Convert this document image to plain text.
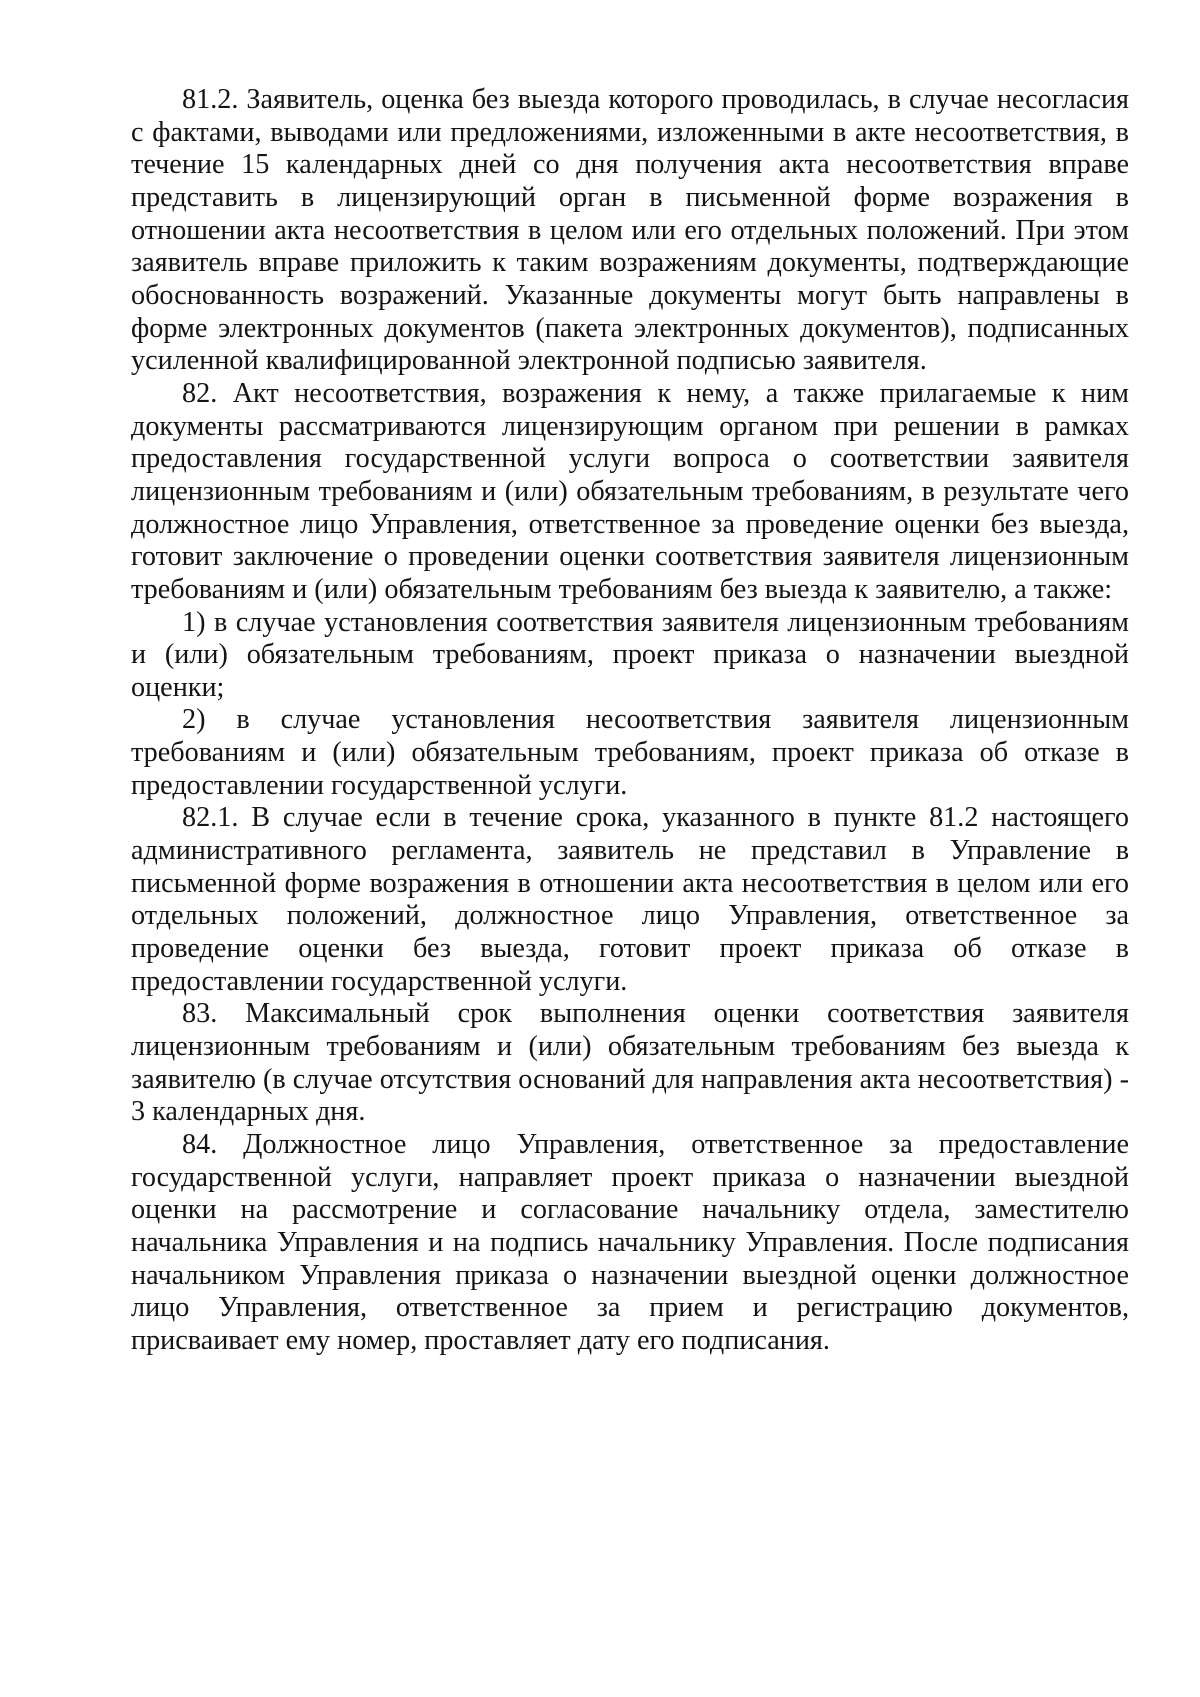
81.2. Заявитель, оценка без выезда которого проводилась, в случае несогласия с фактами, выводами или предложениями, изложенными в акте несоответствия, в течение 15 календарных дней со дня получения акта несоответствия вправе представить в лицензирующий орган в письменной форме возражения в отношении акта несоответствия в целом или его отдельных положений. При этом заявитель вправе приложить к таким возражениям документы, подтверждающие обоснованность возражений. Указанные документы могут быть направлены в форме электронных документов (пакета электронных документов), подписанных усиленной квалифицированной электронной подписью заявителя.

82. Акт несоответствия, возражения к нему, а также прилагаемые к ним документы рассматриваются лицензирующим органом при решении в рамках предоставления государственной услуги вопроса о соответствии заявителя лицензионным требованиям и (или) обязательным требованиям, в результате чего должностное лицо Управления, ответственное за проведение оценки без выезда, готовит заключение о проведении оценки соответствия заявителя лицензионным требованиям и (или) обязательным требованиям без выезда к заявителю, а также:

1) в случае установления соответствия заявителя лицензионным требованиям и (или) обязательным требованиям, проект приказа о назначении выездной оценки;

2) в случае установления несоответствия заявителя лицензионным требованиям и (или) обязательным требованиям, проект приказа об отказе в предоставлении государственной услуги.

82.1. В случае если в течение срока, указанного в пункте 81.2 настоящего административного регламента, заявитель не представил в Управление в письменной форме возражения в отношении акта несоответствия в целом или его отдельных положений, должностное лицо Управления, ответственное за проведение оценки без выезда, готовит проект приказа об отказе в предоставлении государственной услуги.

83. Максимальный срок выполнения оценки соответствия заявителя лицензионным требованиям и (или) обязательным требованиям без выезда к заявителю (в случае отсутствия оснований для направления акта несоответствия) - 3 календарных дня.

84. Должностное лицо Управления, ответственное за предоставление государственной услуги, направляет проект приказа о назначении выездной оценки на рассмотрение и согласование начальнику отдела, заместителю начальника Управления и на подпись начальнику Управления. После подписания начальником Управления приказа о назначении выездной оценки должностное лицо Управления, ответственное за прием и регистрацию документов, присваивает ему номер, проставляет дату его подписания.
